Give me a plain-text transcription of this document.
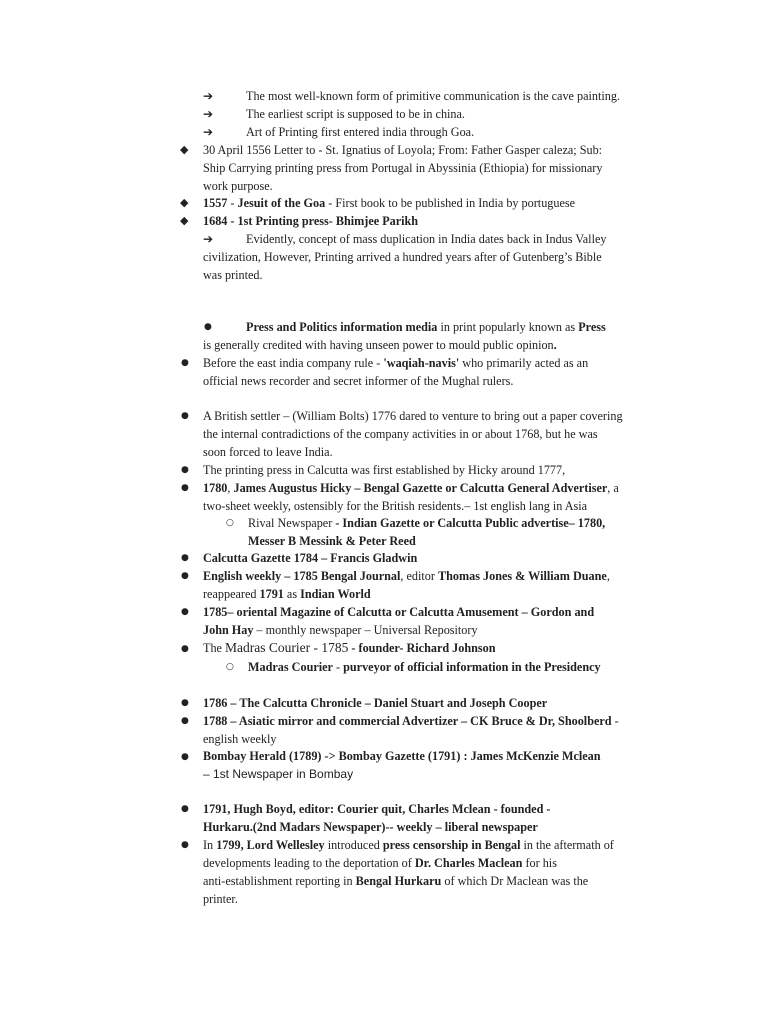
➔	The most well-known form of primitive communication is the cave painting.
➔	The earliest script is supposed to be in china.
➔	Art of Printing first entered india through Goa.
◆ 30 April 1556 Letter to - St. Ignatius of Loyola; From: Father Gasper caleza; Sub:
Ship Carrying printing press from Portugal in Abyssinia (Ethiopia) for missionary
work purpose.
◆ 1557 - Jesuit of the Goa - First book to be published in India by portuguese
◆ 1684 - 1st Printing press- Bhimjee Parikh
➔	Evidently, concept of mass duplication in India dates back in Indus Valley
civilization, However, Printing arrived a hundred years after of Gutenberg’s Bible
was printed.
●	Press and Politics information media in print popularly known as Press
is generally credited with having unseen power to mould public opinion.
● Before the east india company rule - 'waqiah-navis' who primarily acted as an
official news recorder and secret informer of the Mughal rulers.
● A British settler – (William Bolts) 1776 dared to venture to bring out a paper covering
the internal contradictions of the company activities in or about 1768, but he was
soon forced to leave India.
● The printing press in Calcutta was first established by Hicky around 1777,
● 1780, James Augustus Hicky – Bengal Gazette or Calcutta General Advertiser, a
two-sheet weekly, ostensibly for the British residents.– 1st english lang in Asia
○ Rival Newspaper - Indian Gazette or Calcutta Public advertise– 1780,
Messer B Messink & Peter Reed
● Calcutta Gazette 1784 – Francis Gladwin
● English weekly – 1785 Bengal Journal, editor Thomas Jones & William Duane,
reappeared 1791 as Indian World
● 1785– oriental Magazine of Calcutta or Calcutta Amusement – Gordon and
John Hay – monthly newspaper – Universal Repository
● The Madras Courier - 1785 - founder- Richard Johnson
○ Madras Courier - purveyor of official information in the Presidency
● 1786 – The Calcutta Chronicle – Daniel Stuart and Joseph Cooper
● 1788 – Asiatic mirror and commercial Advertizer – CK Bruce & Dr, Shoolberd -
english weekly
● Bombay Herald (1789) -> Bombay Gazette (1791) : James McKenzie Mclean
– 1st Newspaper in Bombay
● 1791, Hugh Boyd, editor: Courier quit, Charles Mclean - founded -
Hurkaru.(2nd Madars Newspaper)-- weekly – liberal newspaper
● In 1799, Lord Wellesley introduced press censorship in Bengal in the aftermath of
developments leading to the deportation of Dr. Charles Maclean for his
anti-establishment reporting in Bengal Hurkaru of which Dr Maclean was the
printer.
